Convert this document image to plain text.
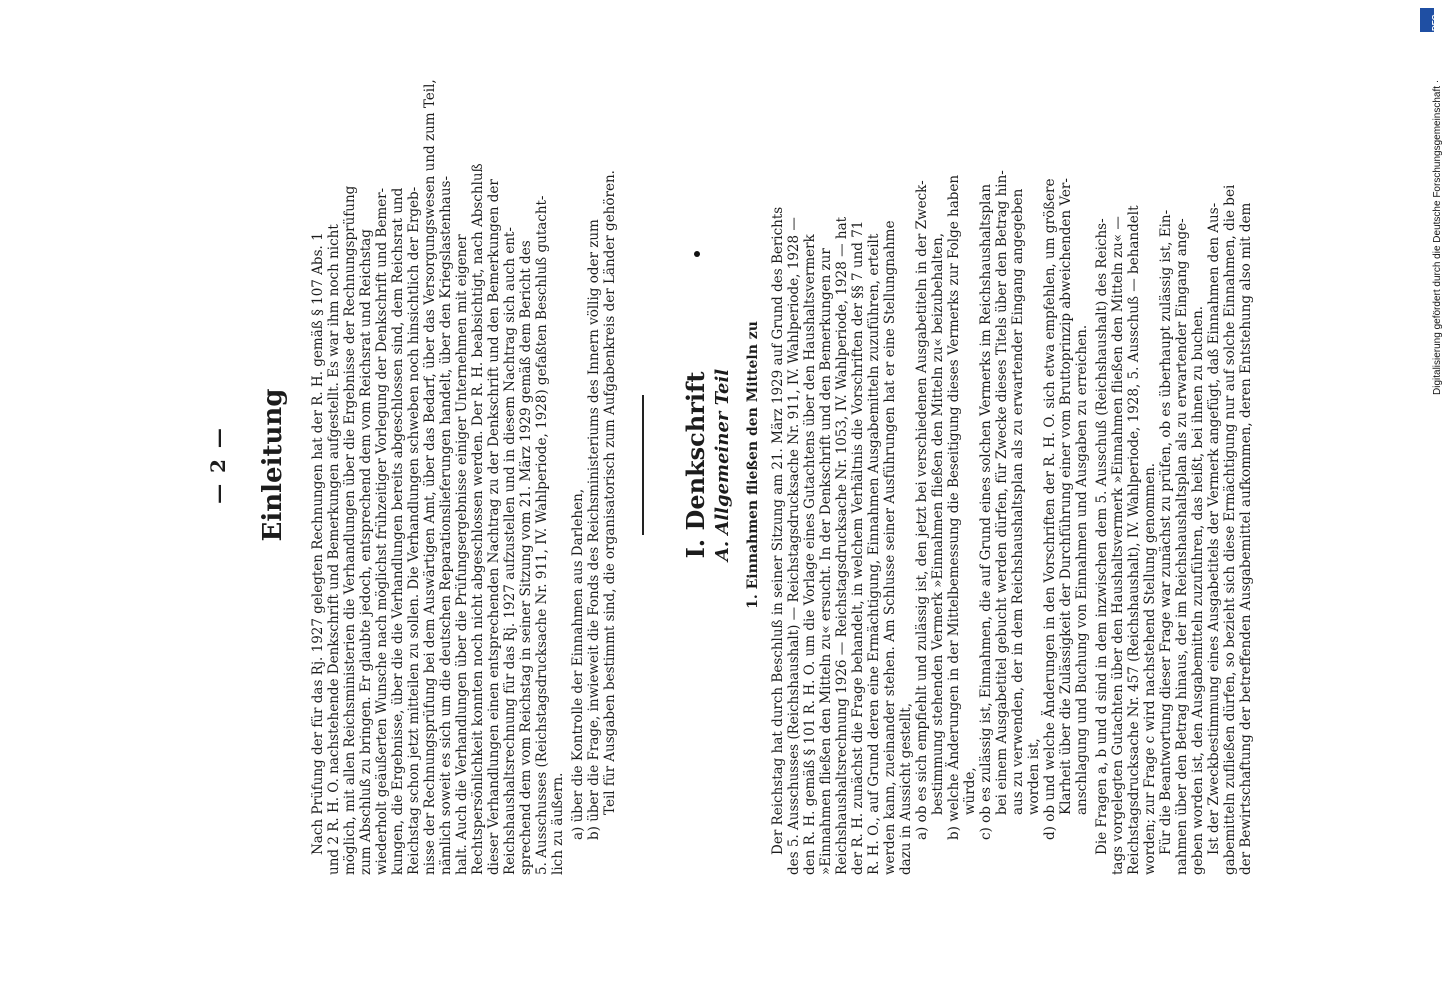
— 2 — Einleitung Nach Prüfung der für das Rj. 1927 gelegten Rechnungen hat der R. H. gemäß § 107 Abs. 1 und 2 R. H. O. nachstehende Denkschrift und Bemerkungen aufgestellt. Es war ihm noch nicht möglich, mit allen Reichsministerien die Verhandlungen über die Ergebnisse der Rechnungsprüfung zum Abschluß zu bringen. Er glaubte jedoch, entsprechend dem vom Reichsrat und Reichstag wiederholt geäußerten Wunsche nach möglichst frühzeitiger Vorlegung der Denkschrift und Bemer- kungen, die Ergebnisse, über die die Verhandlungen bereits abgeschlossen sind, dem Reichsrat und Reichstag schon jetzt mitteilen zu sollen. Die Verhandlungen schweben noch hinsichtlich der Ergeb- nisse der Rechnungsprüfung bei dem Auswärtigen Amt, über das Bedarf, über das Versorgungswesen und zum Teil, nämlich soweit es sich um die deutschen Reparationslieferungen handelt, über den Kriegslastenhaus- halt. Auch die Verhandlungen über die Prüfungsergebnisse einiger Unternehmen mit eigener Rechtspersönlichkeit konnten noch nicht abgeschlossen werden. Der R. H. beabsichtigt, nach Abschluß dieser Verhandlungen einen entsprechenden Nachtrag zu der Denkschrift und den Bemerkungen der Reichshaushaltsrechnung für das Rj. 1927 aufzustellen und in diesem Nachtrag sich auch ent- sprechend dem vom Reichstag in seiner Sitzung vom 21. März 1929 gemäß dem Bericht des 5. Ausschusses (Reichstagsdrucksache Nr. 911, IV. Wahlperiode, 1928) gefaßten Beschluß gutacht- lich zu äußern. a) über die Kontrolle der Einnahmen aus Darlehen, b) über die Frage, inwieweit die Fonds des Reichsministeriums des Innern völlig oder zum Teil für Ausgaben bestimmt sind, die organisatorisch zum Aufgabenkreis der Länder gehören.	I. Denkschrift A. Allgemeiner Teil 1. Einnahmen fließen den Mitteln zu Der Reichstag hat durch Beschluß in seiner Sitzung am 21. März 1929 auf Grund des Berichts des 5. Ausschusses (Reichshaushalt) — Reichstagsdrucksache Nr. 911, IV. Wahlperiode, 1928 — den R. H. gemäß § 101 R. H. O. um die Vorlage eines Gutachtens über den Haushaltsvermerk »Einnahmen fließen den Mitteln zu« ersucht. In der Denkschrift und den Bemerkungen zur Reichshaushaltsrechnung 1926 — Reichstagsdrucksache Nr. 1053, IV. Wahlperiode, 1928 — hat der R. H. zunächst die Frage behandelt, in welchem Verhältnis die Vorschriften der §§ 7 und 71 R. H. O., auf Grund deren eine Ermächtigung, Einnahmen Ausgabemitteln zuzuführen, erteilt werden kann, zueinander stehen. Am Schlusse seiner Ausführungen hat er eine Stellungnahme dazu in Aussicht gestellt, a) ob es sich empfiehlt und zulässig ist, den jetzt bei verschiedenen Ausgabetiteln in der Zweck- bestimmung stehenden Vermerk »Einnahmen fließen den Mitteln zu« beizubehalten, b) welche Änderungen in der Mittelbemessung die Beseitigung dieses Vermerks zur Folge haben würde, c) ob es zulässig ist, Einnahmen, die auf Grund eines solchen Vermerks im Reichshaushaltsplan bei einem Ausgabetitel gebucht werden dürfen, für Zwecke dieses Titels über den Betrag hin- aus zu verwenden, der in dem Reichshaushaltsplan als zu erwartender Eingang angegeben worden ist, d) ob und welche Änderungen in den Vorschriften der R. H. O. sich etwa empfehlen, um größere Klarheit über die Zulässigkeit der Durchführung einer vom Bruttoprinzip abweichenden Ver- anschlagung und Buchung von Einnahmen und Ausgaben zu erreichen. Die Fragen a, b und d sind in dem inzwischen dem 5. Ausschuß (Reichshaushalt) des Reichs- tags vorgelegten Gutachten über den Haushaltsvermerk »Einnahmen fließen den Mitteln zu« — Reichstagsdrucksache Nr. 457 (Reichshaushalt), IV. Wahlperiode, 1928, 5. Ausschuß — behandelt worden; zur Frage c wird nachstehend Stellung genommen. Für die Beantwortung dieser Frage war zunächst zu prüfen, ob es überhaupt zulässig ist, Ein- nahmen über den Betrag hinaus, der im Reichshaushaltsplan als zu erwartender Eingang ange- geben worden ist, den Ausgabemitteln zuzuführen, das heißt, bei ihnen zu buchen. Ist der Zweckbestimmung eines Ausgabetitels der Vermerk angefügt, daß Einnahmen den Aus- gabemitteln zufließen dürfen, so bezieht sich diese Ermächtigung nur auf solche Einnahmen, die bei der Bewirtschaftung der betreffenden Ausgabemittel aufkommen, deren Entstehung also mit dem
DFG
Digitalisierung gefördert durch die Deutsche Forschungsgemeinschaft ·
